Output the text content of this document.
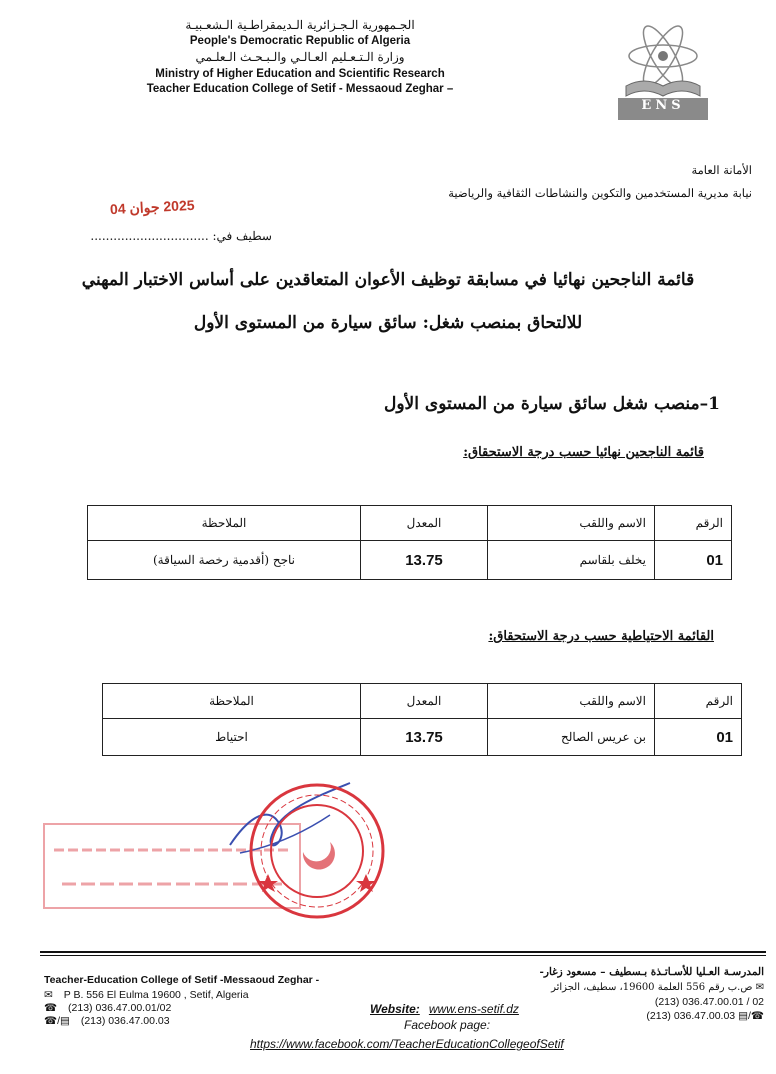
الجـمهورية الـجـزائرية الـديمقراطـية الـشعـبيـة
People's Democratic Republic of Algeria
وزارة الـتـعـليم العـالـي والـبـحـث الـعلـمي
Ministry of Higher Education and Scientific Research
Teacher Education College of Setif - Messaoud Zeghar –
ENS
الأمانة العامة
نيابة مديرية المستخدمين والتكوين والنشاطات الثقافية والرياضية
2025 جوان 04
سطيف في: ...............................
قائمة الناجحين نهائيا في مسابقة توظيف الأعوان المتعاقدين على أساس الاختبار المهني
للالتحاق بمنصب شغل: سائق سيارة من المستوى الأول
1–منصب شغل سائق سيارة من المستوى الأول
قائمة الناجحين نهائيا حسب درجة الاستحقاق:
الرقم	الاسم واللقب	المعدل	الملاحظة
01	يخلف بلقاسم	13.75	ناجح (أقدمية رخصة السياقة)
القائمة الاحتياطية حسب درجة الاستحقاق:
الرقم	الاسم واللقب	المعدل	الملاحظة
01	بن عريس الصالح	13.75	احتياط
Teacher-Education College of Setif -Messaoud Zeghar -
✉ P B. 556 El Eulma 19600 , Setif, Algeria
☎ (213) 036.47.00.01/02
☎/▤ (213) 036.47.00.03
Website: www.ens-setif.dz
Facebook page:
https://www.facebook.com/TeacherEducationCollegeofSetif
المدرسـة العـليا للأسـاتـذة بـسطيف – مسعود زغار-
✉ ص.ب رقم 556 العلمة 19600، سطيف، الجزائر
(213) 036.47.00.01 / 02
(213) 036.47.00.03 ▤/☎
